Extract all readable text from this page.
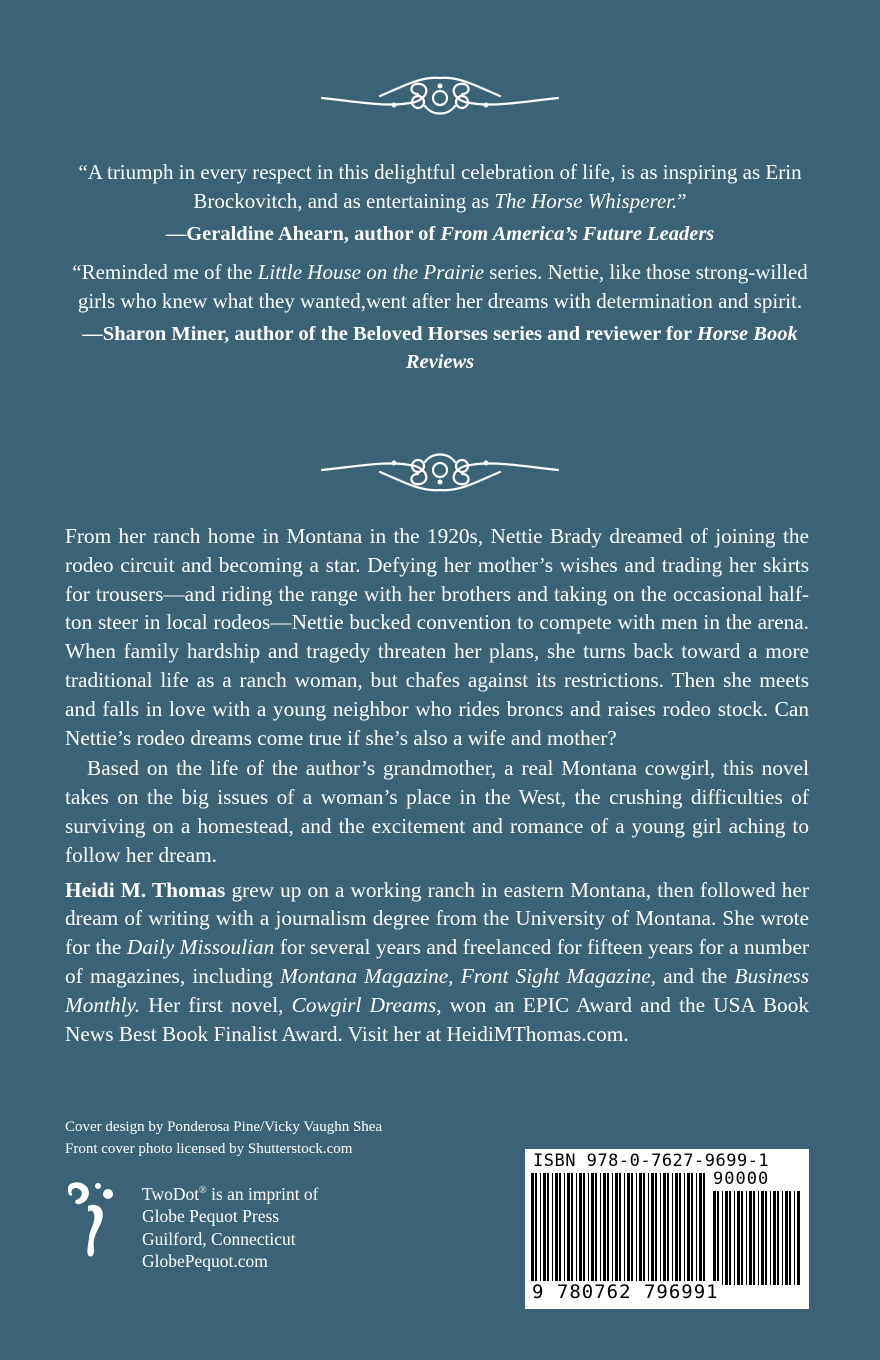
“A triumph in every respect in this delightful celebration of life, is as inspiring as Erin Brockovitch, and as entertaining as The Horse Whisperer.”

—Geraldine Ahearn, author of From America’s Future Leaders

“Reminded me of the Little House on the Prairie series. Nettie, like those strong-willed girls who knew what they wanted,went after her dreams with determination and spirit.

—Sharon Miner, author of the Beloved Horses series and reviewer for Horse Book Reviews

From her ranch home in Montana in the 1920s, Nettie Brady dreamed of joining the rodeo circuit and becoming a star. Defying her mother’s wishes and trading her skirts for trousers—and riding the range with her brothers and taking on the occasional half-ton steer in local rodeos—Nettie bucked convention to compete with men in the arena. When family hardship and tragedy threaten her plans, she turns back toward a more traditional life as a ranch woman, but chafes against its restrictions. Then she meets and falls in love with a young neighbor who rides broncs and raises rodeo stock. Can Nettie’s rodeo dreams come true if she’s also a wife and mother?

Based on the life of the author’s grandmother, a real Montana cowgirl, this novel takes on the big issues of a woman’s place in the West, the crushing difficulties of surviving on a homestead, and the excitement and romance of a young girl aching to follow her dream.

Heidi M. Thomas grew up on a working ranch in eastern Montana, then followed her dream of writing with a journalism degree from the University of Montana. She wrote for the Daily Missoulian for several years and freelanced for fifteen years for a number of magazines, including Montana Magazine, Front Sight Magazine, and the Business Monthly. Her first novel, Cowgirl Dreams, won an EPIC Award and the USA Book News Best Book Finalist Award. Visit her at HeidiMThomas.com.

Cover design by Ponderosa Pine/Vicky Vaughn Shea
Front cover photo licensed by Shutterstock.com
TwoDot® is an imprint of
Globe Pequot Press
Guilford, Connecticut
GlobePequot.com
ISBN 978-0-7627-9699-1
90000
9 780762 796991
